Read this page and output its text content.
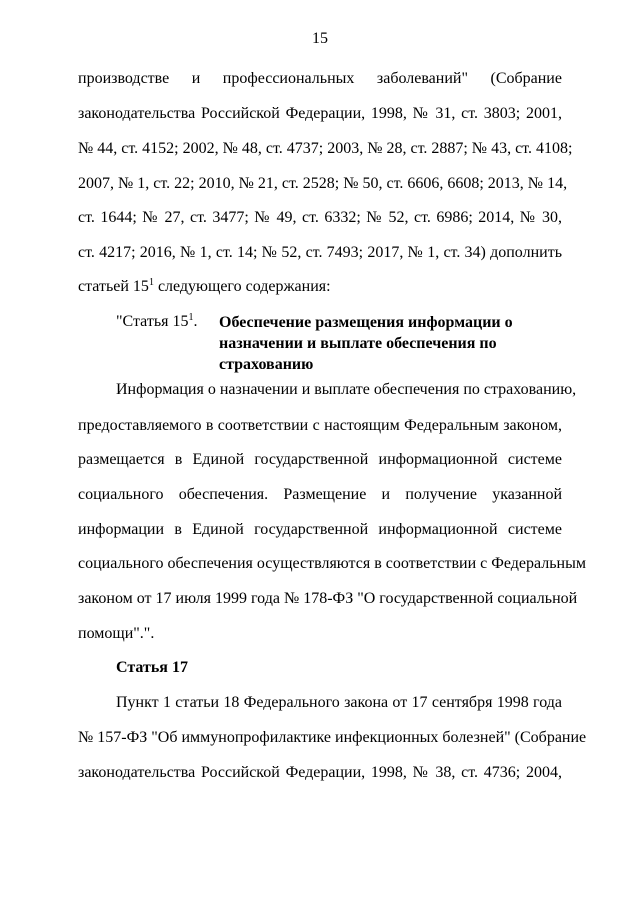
15
производстве и профессиональных заболеваний" (Собрание
законодательства Российской Федерации, 1998, № 31, ст. 3803; 2001,
№ 44, ст. 4152; 2002, № 48, ст. 4737; 2003, № 28, ст. 2887; № 43, ст. 4108;
2007, № 1, ст. 22; 2010, № 21, ст. 2528; № 50, ст. 6606, 6608; 2013, № 14,
ст. 1644; № 27, ст. 3477; № 49, ст. 6332; № 52, ст. 6986; 2014, № 30,
ст. 4217; 2016, № 1, ст. 14; № 52, ст. 7493; 2017, № 1, ст. 34) дополнить
статьей $15^1$ следующего содержания:
"Статья $15^1$. Обеспечение размещения информации о назначении и выплате обеспечения по страхованию
Информация о назначении и выплате обеспечения по страхованию,
предоставляемого в соответствии с настоящим Федеральным законом,
размещается в Единой государственной информационной системе
социального обеспечения. Размещение и получение указанной
информации в Единой государственной информационной системе
социального обеспечения осуществляются в соответствии с Федеральным
законом от 17 июля 1999 года № 178-ФЗ "О государственной социальной
помощи".".
Статья 17
Пункт 1 статьи 18 Федерального закона от 17 сентября 1998 года
№ 157-ФЗ "Об иммунопрофилактике инфекционных болезней" (Собрание
законодательства Российской Федерации, 1998, № 38, ст. 4736; 2004,
